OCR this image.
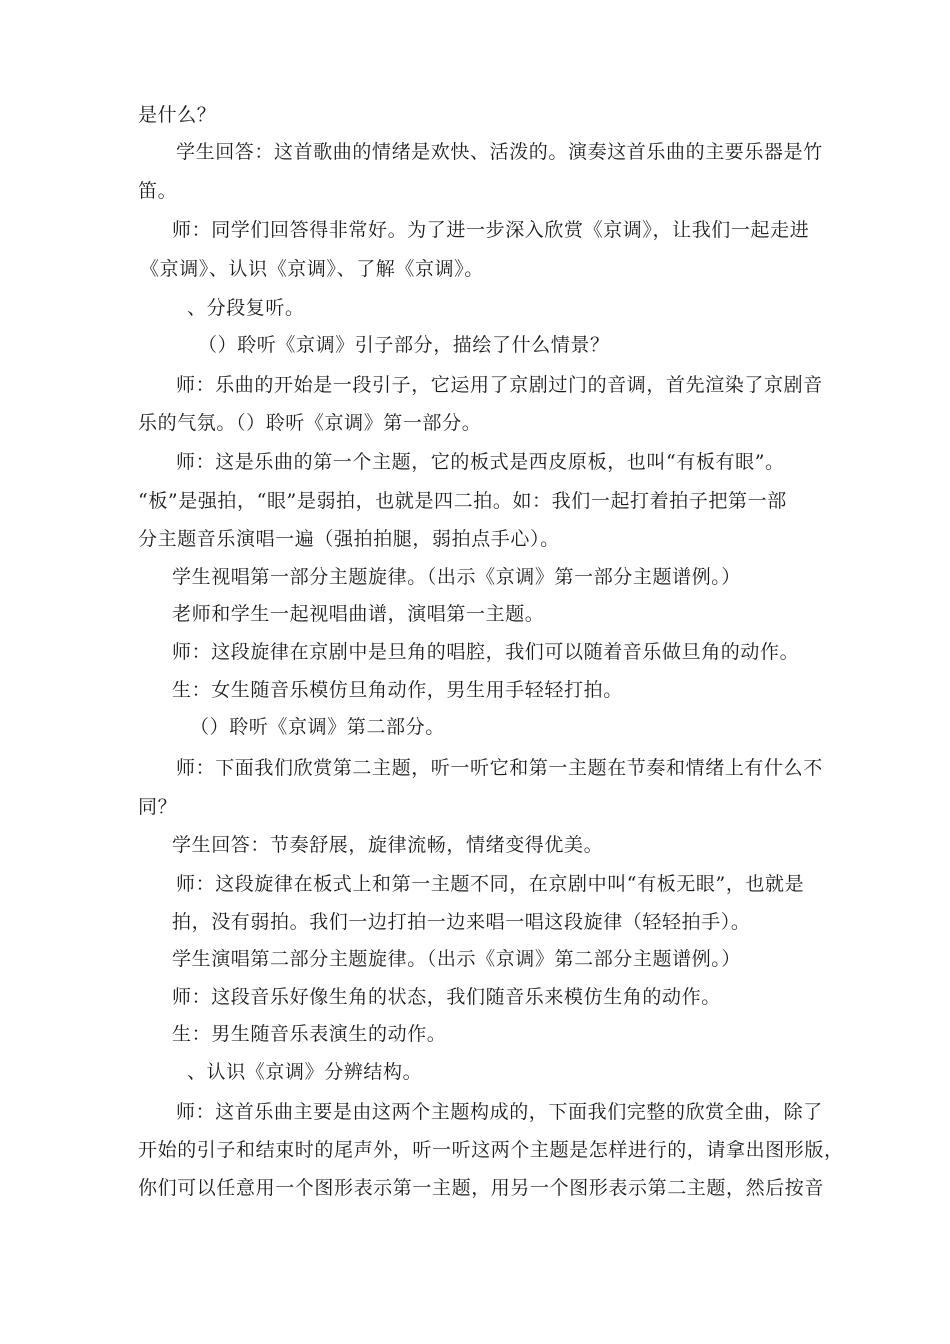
是什么？
学生回答：这首歌曲的情绪是欢快、活泼的。演奏这首乐曲的主要乐器是竹
笛。
师：同学们回答得非常好。为了进一步深入欣赏《京调》，让我们一起走进
《京调》、认识《京调》、了解《京调》。
、分段复听。
（）聆听《京调》引子部分，描绘了什么情景？
师：乐曲的开始是一段引子，它运用了京剧过门的音调，首先渲染了京剧音
乐的气氛。（）聆听《京调》第一部分。
师：这是乐曲的第一个主题，它的板式是西皮原板，也叫“有板有眼”。
“板”是强拍，“眼”是弱拍，也就是四二拍。如：我们一起打着拍子把第一部
分主题音乐演唱一遍（强拍拍腿，弱拍点手心）。
学生视唱第一部分主题旋律。（出示《京调》第一部分主题谱例。）
老师和学生一起视唱曲谱，演唱第一主题。
师：这段旋律在京剧中是旦角的唱腔，我们可以随着音乐做旦角的动作。
生：女生随音乐模仿旦角动作，男生用手轻轻打拍。
（）聆听《京调》第二部分。
师：下面我们欣赏第二主题，听一听它和第一主题在节奏和情绪上有什么不
同？
学生回答：节奏舒展，旋律流畅，情绪变得优美。
师：这段旋律在板式上和第一主题不同，在京剧中叫“有板无眼”，也就是
拍，没有弱拍。我们一边打拍一边来唱一唱这段旋律（轻轻拍手）。
学生演唱第二部分主题旋律。（出示《京调》第二部分主题谱例。）
师：这段音乐好像生角的状态，我们随音乐来模仿生角的动作。
生：男生随音乐表演生的动作。
、认识《京调》分辨结构。
师：这首乐曲主要是由这两个主题构成的，下面我们完整的欣赏全曲，除了
开始的引子和结束时的尾声外，听一听这两个主题是怎样进行的，请拿出图形版，
你们可以任意用一个图形表示第一主题，用另一个图形表示第二主题，然后按音
